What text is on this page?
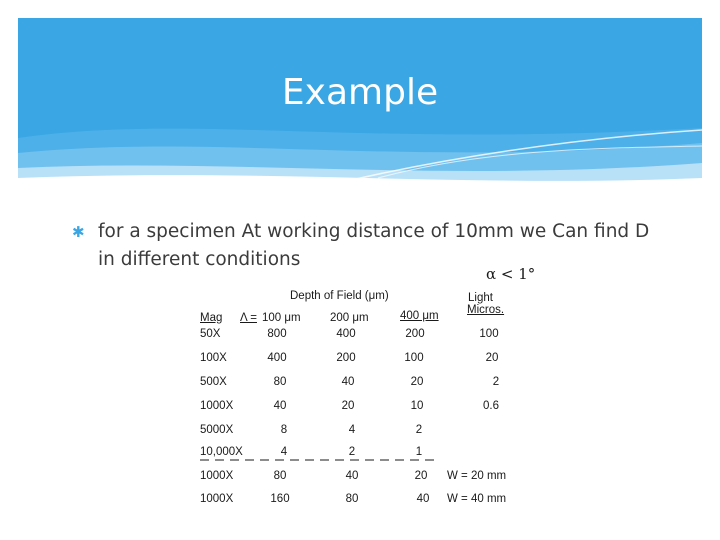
Example
✱ for a specimen At working distance of 10mm we Can find D in different conditions
α < 1°
Depth of Field (μm)	Light
Micros.
Mag Λ = 100 μm	200 μm	400 μm
50X	800	400	200	100
100X	400	200	100	20
500X	80	40	20	2
1000X	40	20	10	0.6
5000X	8	4	2
10,000X	4	2	1
1000X	80	40	20 W = 20 mm
1000X	160	80	40 W = 40 mm
